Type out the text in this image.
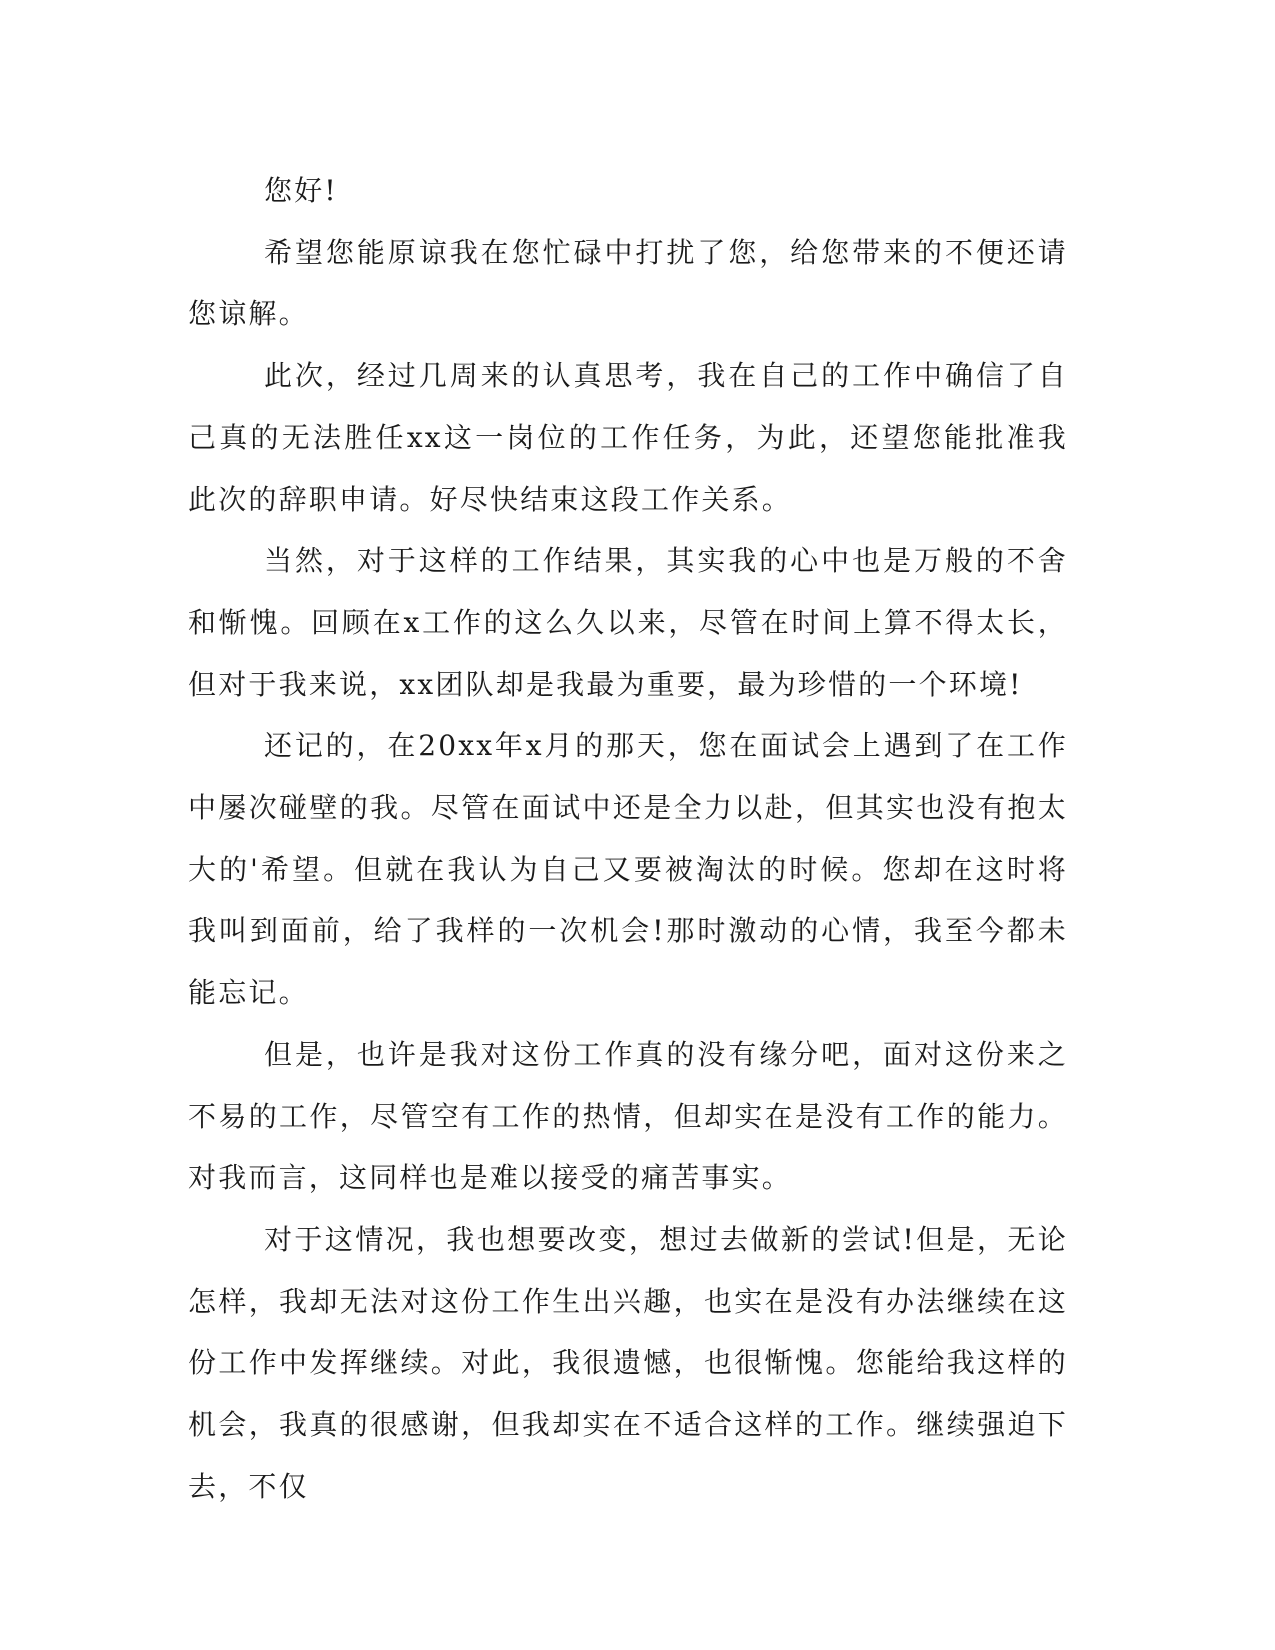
您好!

希望您能原谅我在您忙碌中打扰了您，给您带来的不便还请您谅解。

此次，经过几周来的认真思考，我在自己的工作中确信了自己真的无法胜任xx这一岗位的工作任务，为此，还望您能批准我此次的辞职申请。好尽快结束这段工作关系。

当然，对于这样的工作结果，其实我的心中也是万般的不舍和惭愧。回顾在x工作的这么久以来，尽管在时间上算不得太长，但对于我来说，xx团队却是我最为重要，最为珍惜的一个环境!

还记的，在20xx年x月的那天，您在面试会上遇到了在工作中屡次碰壁的我。尽管在面试中还是全力以赴，但其实也没有抱太大的'希望。但就在我认为自己又要被淘汰的时候。您却在这时将我叫到面前，给了我样的一次机会!那时激动的心情，我至今都未能忘记。

但是，也许是我对这份工作真的没有缘分吧，面对这份来之不易的工作，尽管空有工作的热情，但却实在是没有工作的能力。对我而言，这同样也是难以接受的痛苦事实。

对于这情况，我也想要改变，想过去做新的尝试!但是，无论怎样，我却无法对这份工作生出兴趣，也实在是没有办法继续在这份工作中发挥继续。对此，我很遗憾，也很惭愧。您能给我这样的机会，我真的很感谢，但我却实在不适合这样的工作。继续强迫下去，不仅
